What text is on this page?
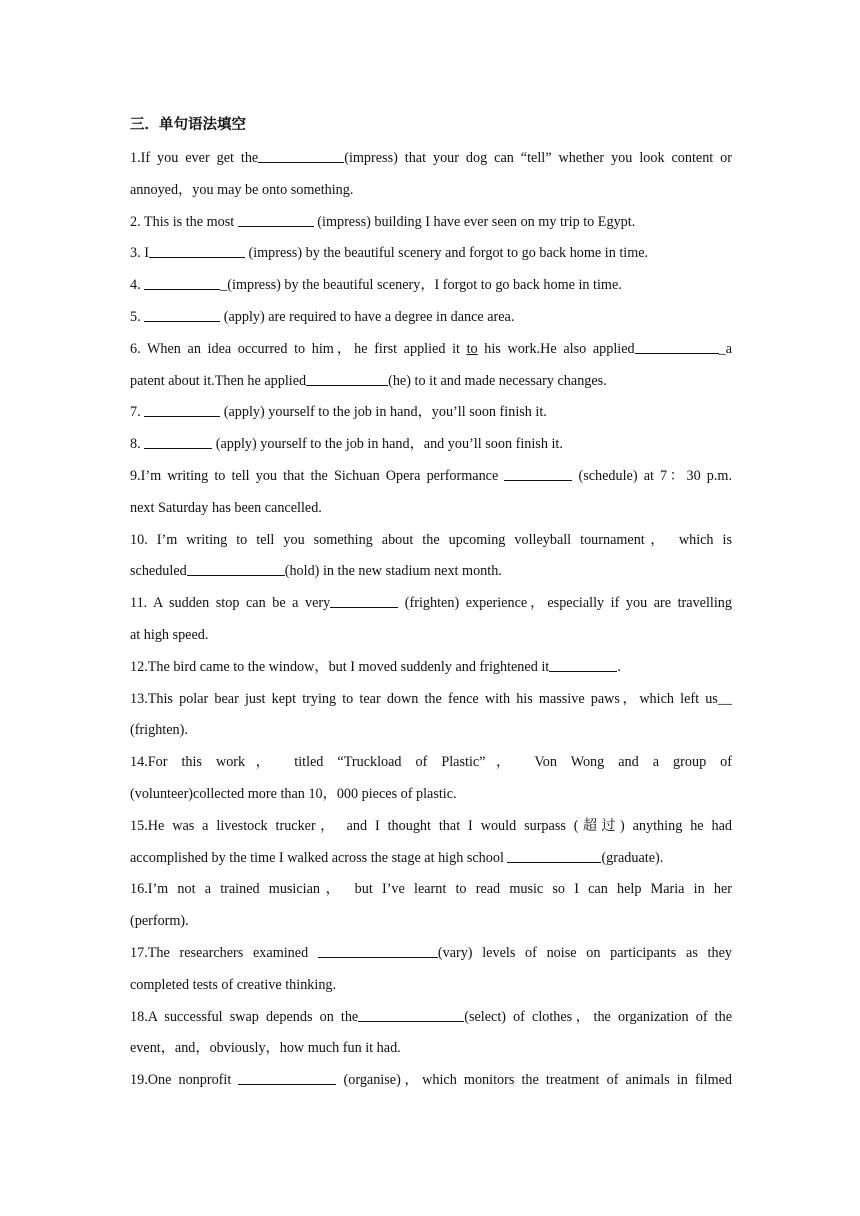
三．单句语法填空
1.If you ever get the	(impress) that your dog can “tell” whether you look content or
annoyed，you may be onto something.
2. This is the most	(impress) building I have ever seen on my trip to Egypt.
3. I	(impress) by the beautiful scenery and forgot to go back home in time.
4.	_(impress) by the beautiful scenery，I forgot to go back home in time.
5.	(apply) are required to have a degree in dance area.
6. When an idea occurred to him，he first applied it to his work.He also applied	_a
patent about it.Then he applied	(he) to it and made necessary changes.
7.	(apply) yourself to the job in hand，you’ll soon finish it.
8.	(apply) yourself to the job in hand，and you’ll soon finish it.
9.I’m writing to tell you that the Sichuan Opera performance	(schedule) at 7：30 p.m.
next Saturday has been cancelled.
10. I’m writing to tell you something about the upcoming volleyball tournament， which is
scheduled	(hold) in the new stadium next month.
11. A sudden stop can be a very	(frighten) experience，especially if you are travelling
at high speed.
12.The bird came to the window，but I moved suddenly and frightened it	.
13.This polar bear just kept trying to tear down the fence with his massive paws，which left us__
(frighten).
14.For this work， titled “Truckload of Plastic”， Von Wong and a group of
(volunteer)collected more than 10，000 pieces of plastic.
15.He was a livestock trucker， and I thought that I would surpass (超过) anything he had
accomplished by the time I walked across the stage at high school	(graduate).
16.I’m not a trained musician， but I’ve learnt to read music so I can help Maria in her
(perform).
17.The researchers examined	(vary) levels of noise on participants as they
completed tests of creative thinking.
18.A successful swap depends on the	(select) of clothes，the organization of the
event，and，obviously，how much fun it had.
19.One nonprofit	(organise)，which monitors the treatment of animals in filmed
